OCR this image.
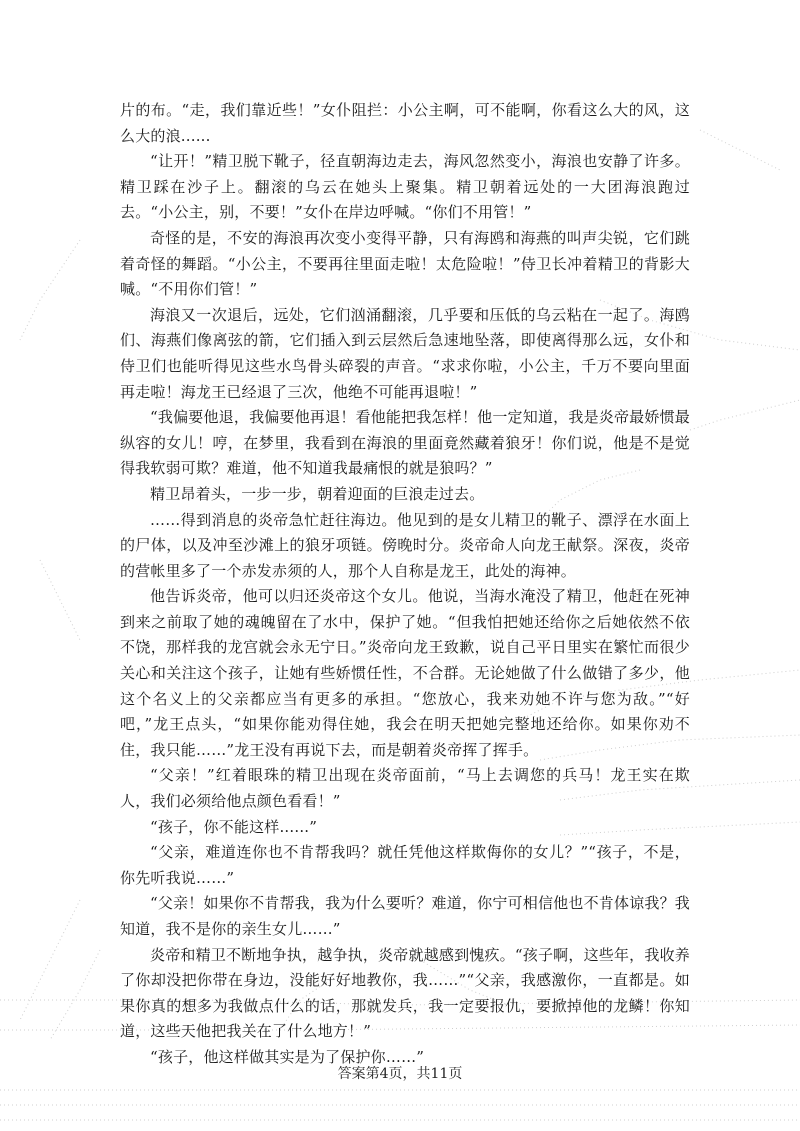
片的布。“走，我们靠近些！”女仆阻拦：小公主啊，可不能啊，你看这么大的风，这么大的浪......

“让开！”精卫脱下靴子，径直朝海边走去，海风忽然变小，海浪也安静了许多。精卫踩在沙子上。翻滚的乌云在她头上聚集。精卫朝着远处的一大团海浪跑过去。“小公主，别，不要！”女仆在岸边呼喊。“你们不用管！”

奇怪的是，不安的海浪再次变小变得平静，只有海鸥和海燕的叫声尖锐，它们跳着奇怪的舞蹈。“小公主，不要再往里面走啦！太危险啦！”侍卫长冲着精卫的背影大喊。“不用你们管！”

海浪又一次退后，远处，它们汹涌翻滚，几乎要和压低的乌云粘在一起了。海鸥们、海燕们像离弦的箭，它们插入到云层然后急速地坠落，即使离得那么远，女仆和侍卫们也能听得见这些水鸟骨头碎裂的声音。“求求你啦，小公主，千万不要向里面再走啦！海龙王已经退了三次，他绝不可能再退啦！”

“我偏要他退，我偏要他再退！看他能把我怎样！他一定知道，我是炎帝最娇惯最纵容的女儿！哼，在梦里，我看到在海浪的里面竟然藏着狼牙！你们说，他是不是觉得我软弱可欺？难道，他不知道我最痛恨的就是狼吗？”

精卫昂着头，一步一步，朝着迎面的巨浪走过去。

……得到消息的炎帝急忙赶往海边。他见到的是女儿精卫的靴子、漂浮在水面上的尸体，以及冲至沙滩上的狼牙项链。傍晚时分。炎帝命人向龙王献祭。深夜，炎帝的营帐里多了一个赤发赤须的人，那个人自称是龙王，此处的海神。

他告诉炎帝，他可以归还炎帝这个女儿。他说，当海水淹没了精卫，他赶在死神到来之前取了她的魂魄留在了水中，保护了她。“但我怕把她还给你之后她依然不依不饶，那样我的龙宫就会永无宁日。”炎帝向龙王致歉，说自己平日里实在繁忙而很少关心和关注这个孩子，让她有些娇惯任性，不合群。无论她做了什么做错了多少，他这个名义上的父亲都应当有更多的承担。“您放心，我来劝她不许与您为敌。”“好吧，”龙王点头，“如果你能劝得住她，我会在明天把她完整地还给你。如果你劝不住，我只能……”龙王没有再说下去，而是朝着炎帝挥了挥手。

“父亲！”红着眼珠的精卫出现在炎帝面前，“马上去调您的兵马！龙王实在欺人，我们必须给他点颜色看看！”

“孩子，你不能这样......”

“父亲，难道连你也不肯帮我吗？就任凭他这样欺侮你的女儿？”“孩子，不是，你先听我说……”

“父亲！如果你不肯帮我，我为什么要听？难道，你宁可相信他也不肯体谅我？我知道，我不是你的亲生女儿……”

炎帝和精卫不断地争执，越争执，炎帝就越感到愧疚。“孩子啊，这些年，我收养了你却没把你带在身边，没能好好地教你，我……”“父亲，我感激你，一直都是。如果你真的想多为我做点什么的话，那就发兵，我一定要报仇，要掀掉他的龙鳞！你知道，这些天他把我关在了什么地方！”

“孩子，他这样做其实是为了保护你……”

答案第4页，共11页
